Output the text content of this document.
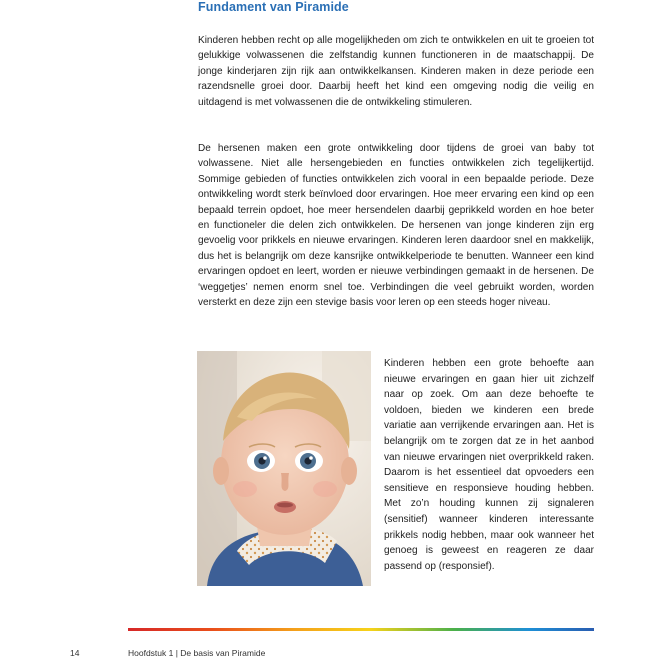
Fundament van Piramide

Kinderen hebben recht op alle mogelijkheden om zich te ontwikkelen en uit te groeien tot gelukkige volwassenen die zelfstandig kunnen functioneren in de maatschappij. De jonge kinderjaren zijn rijk aan ontwikkelkansen. Kinderen maken in deze periode een razendsnelle groei door. Daarbij heeft het kind een omgeving nodig die veilig en uitdagend is met volwassenen die de ontwikkeling stimuleren.

De hersenen maken een grote ontwikkeling door tijdens de groei van baby tot volwassene. Niet alle hersengebieden en functies ontwikkelen zich tegelijkertijd. Sommige gebieden of functies ontwikkelen zich vooral in een bepaalde periode. Deze ontwikkeling wordt sterk beïnvloed door ervaringen. Hoe meer ervaring een kind op een bepaald terrein opdoet, hoe meer hersendelen daarbij geprikkeld worden en hoe beter en functioneler die delen zich ontwikkelen. De hersenen van jonge kinderen zijn erg gevoelig voor prikkels en nieuwe ervaringen. Kinderen leren daardoor snel en makkelijk, dus het is belangrijk om deze kansrijke ontwikkelperiode te benutten. Wanneer een kind ervaringen opdoet en leert, worden er nieuwe verbindingen gemaakt in de hersenen. De ‘weggetjes’ nemen enorm snel toe. Verbindingen die veel gebruikt worden, worden versterkt en deze zijn een stevige basis voor leren op een steeds hoger niveau.

Kinderen hebben een grote behoefte aan nieuwe ervaringen en gaan hier uit zichzelf naar op zoek. Om aan deze behoefte te voldoen, bieden we kinderen een brede variatie aan verrijkende ervaringen aan. Het is belangrijk om te zorgen dat ze in het aanbod van nieuwe ervaringen niet overprikkeld raken. Daarom is het essentieel dat opvoeders een sensitieve en responsieve houding hebben. Met zo’n houding kunnen zij signaleren (sensitief) wanneer kinderen interessante prikkels nodig hebben, maar ook wanneer het genoeg is geweest en reageren ze daar passend op (responsief).

14	Hoofdstuk 1 | De basis van Piramide
